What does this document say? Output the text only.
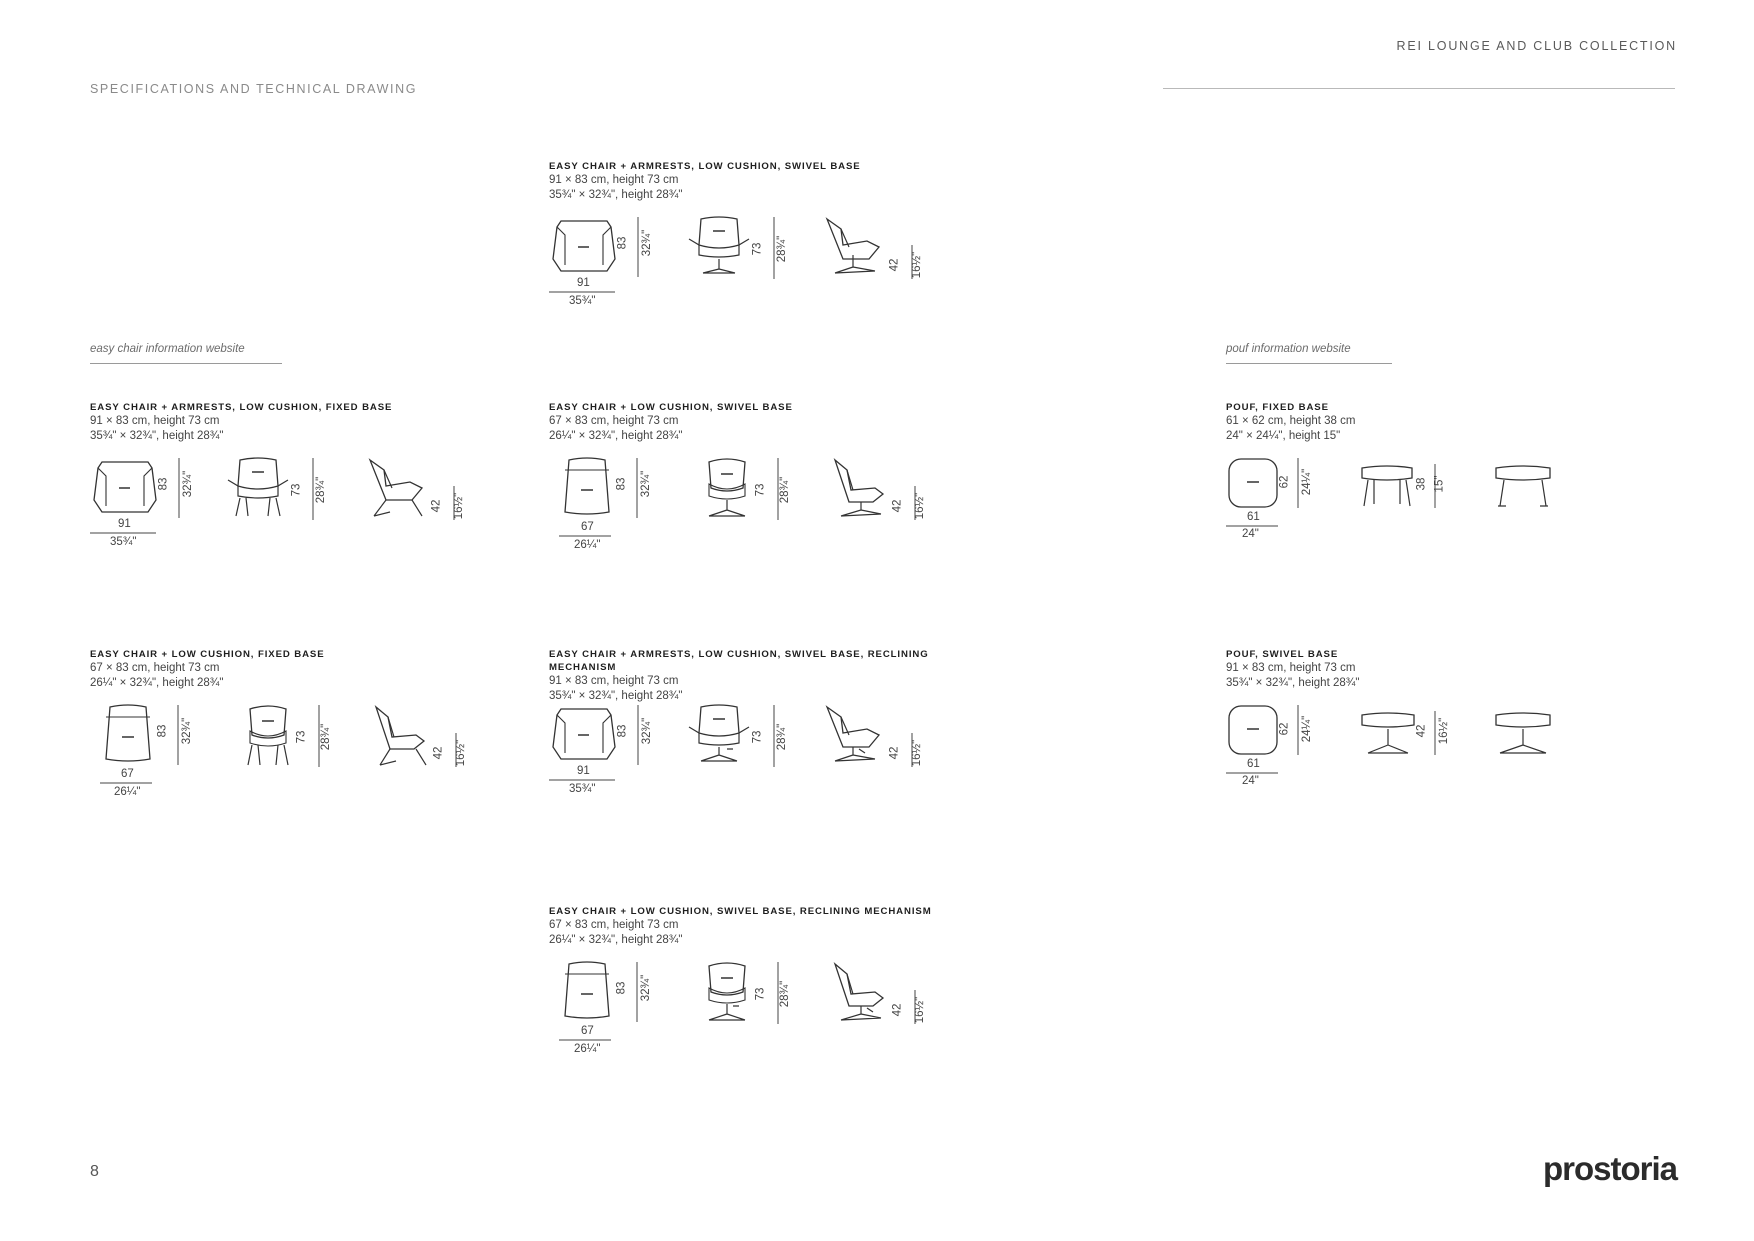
SPECIFICATIONS AND TECHNICAL DRAWING
REI LOUNGE AND CLUB COLLECTION
easy chair information website	pouf information website
EASY CHAIR + ARMRESTS, LOW CUSHION, SWIVEL BASE
91 × 83 cm, height 73 cm
35¾" × 32¾", height 28¾"
91
35¾"
83 32¾"	73 28¾"
42 16½"
EASY CHAIR + ARMRESTS, LOW CUSHION, FIXED BASE
91 × 83 cm, height 73 cm
35¾" × 32¾", height 28¾"
91
35¾"
83 32¾"	73 28¾"
42 16½"
EASY CHAIR + LOW CUSHION, SWIVEL BASE
67 × 83 cm, height 73 cm
26¼" × 32¾", height 28¾"
67
26¼"
83 32¾"	73 28¾"
42 16½"
POUF, FIXED BASE
61 × 62 cm, height 38 cm
24" × 24¼", height 15"
61
24"
62 24¼"	38 15"
EASY CHAIR + LOW CUSHION, FIXED BASE
67 × 83 cm, height 73 cm
26¼" × 32¾", height 28¾"
67
26¼"
83 32¾"	73 28¾"
42 16½"
EASY CHAIR + ARMRESTS, LOW CUSHION, SWIVEL BASE, RECLINING MECHANISM
91 × 83 cm, height 73 cm
35¾" × 32¾", height 28¾"
91
35¾"
83 32¾"	73 28¾"
42 16½"
POUF, SWIVEL BASE
91 × 83 cm, height 73 cm
35¾" × 32¾", height 28¾"
61
24"
62 24¼"	42 16½"
EASY CHAIR + LOW CUSHION, SWIVEL BASE, RECLINING MECHANISM
67 × 83 cm, height 73 cm
26¼" × 32¾", height 28¾"
67
26¼"
83 32¾"	73 28¾"
42 16½"
8	prostoria
